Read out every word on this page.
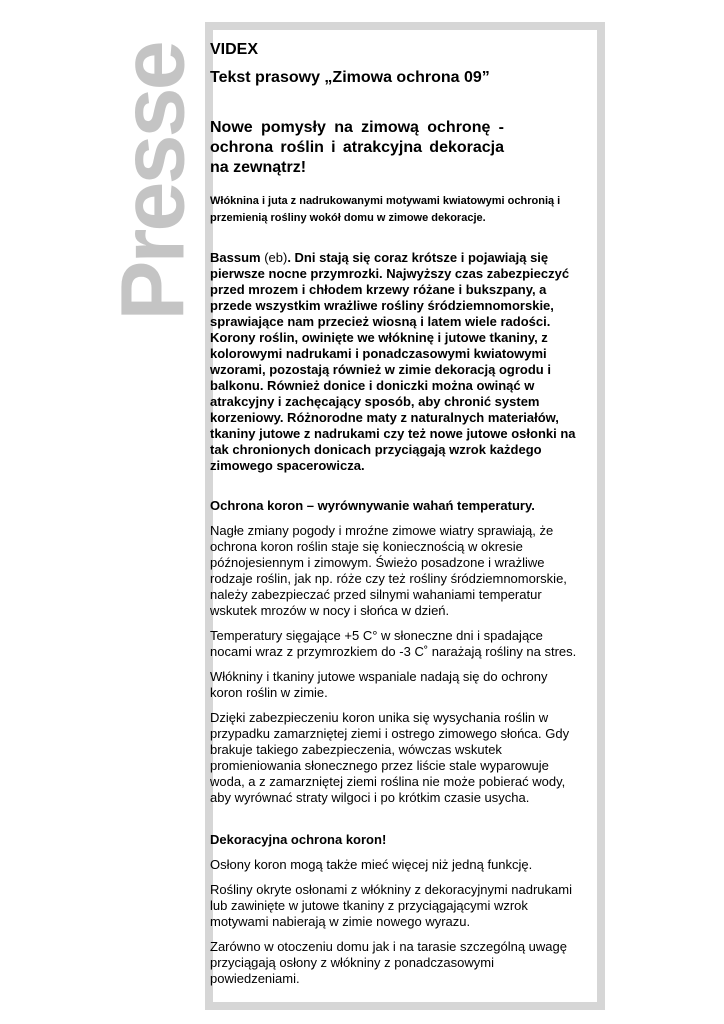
Presse VIDEX

Tekst prasowy „Zimowa ochrona 09”

Nowe pomysły na zimową ochronę - ochrona roślin i atrakcyjna dekoracja na zewnątrz!

Włóknina i juta z nadrukowanymi motywami kwiatowymi ochronią i przemienią rośliny wokół domu w zimowe dekoracje.

Bassum (eb). Dni stają się coraz krótsze i pojawiają się pierwsze nocne przymrozki. Najwyższy czas zabezpieczyć przed mrozem i chłodem krzewy różane i bukszpany, a przede wszystkim wrażliwe rośliny śródziemnomorskie, sprawiające nam przecież wiosną i latem wiele radości. Korony roślin, owinięte we włókninę i jutowe tkaniny, z kolorowymi nadrukami i ponadczasowymi kwiatowymi wzorami, pozostają również w zimie dekoracją ogrodu i balkonu. Również donice i doniczki można owinąć w atrakcyjny i zachęcający sposób, aby chronić system korzeniowy. Różnorodne maty z naturalnych materiałów, tkaniny jutowe z nadrukami czy też nowe jutowe osłonki na tak chronionych donicach przyciągają wzrok każdego zimowego spacerowicza.

Ochrona koron – wyrównywanie wahań temperatury.

Nagłe zmiany pogody i mroźne zimowe wiatry sprawiają, że ochrona koron roślin staje się koniecznością w okresie późnojesiennym i zimowym. Świeżo posadzone i wrażliwe rodzaje roślin, jak np. róże czy też rośliny śródziemnomorskie, należy zabezpieczać przed silnymi wahaniami temperatur wskutek mrozów w nocy i słońca w dzień.

Temperatury sięgające +5 C° w słoneczne dni i spadające nocami wraz z przymrozkiem do -3 C˚ narażają rośliny na stres.

Włókniny i tkaniny jutowe wspaniale nadają się do ochrony koron roślin w zimie.

Dzięki zabezpieczeniu koron unika się wysychania roślin w przypadku zamarzniętej ziemi i ostrego zimowego słońca. Gdy brakuje takiego zabezpieczenia, wówczas wskutek promieniowania słonecznego przez liście stale wyparowuje woda, a z zamarzniętej ziemi roślina nie może pobierać wody, aby wyrównać straty wilgoci i po krótkim czasie usycha.

Dekoracyjna ochrona koron!

Osłony koron mogą także mieć więcej niż jedną funkcję.

Rośliny okryte osłonami z włókniny z dekoracyjnymi nadrukami lub zawinięte w jutowe tkaniny z przyciągającymi wzrok motywami nabierają w zimie nowego wyrazu.

Zarówno w otoczeniu domu jak i na tarasie szczególną uwagę przyciągają osłony z włókniny z ponadczasowymi powiedzeniami.
